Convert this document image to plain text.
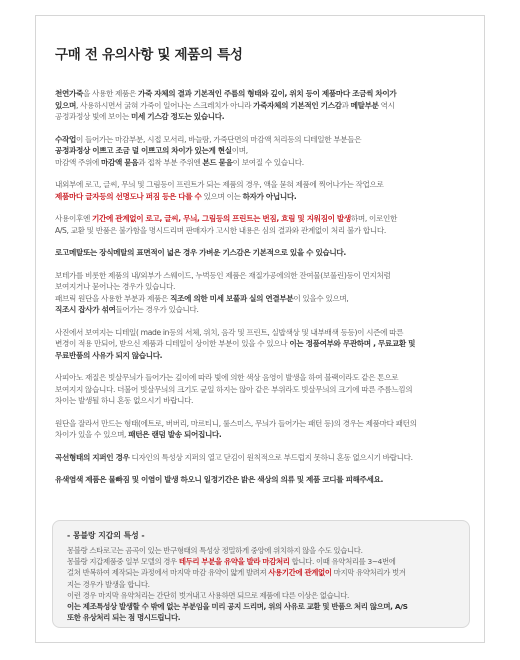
구매 전 유의사항 및 제품의 특성
천연가죽을 사용한 제품은 가죽 자체의 결과 기본적인 주름의 형태와 깊이, 위치 등이 제품마다 조금씩 차이가
있으며, 사용하시면서 굵혀 가죽이 일어나는 스크레치가 아니라 가죽자체의 기본적인 기스감과 메탈부분 역시
공정과정상 빛에 보이는 미세 기스감 정도는 있습니다.
수작업이 들어가는 마감부분, 시접 모서리, 바늘땀, 가죽단면의 마감액 처리등의 디테일한 부분들은
공정과정상 이쁘고 조금 덜 이쁘고의 차이가 있는게 현실이며,
마감액 주위에 마감액 묻음과 접착 부분 주위엔 본드 묻음이 보여질 수 있습니다.
내외부에 로고, 글씨, 무늬 및 그림등이 프린트가 되는 제품의 경우, 액을 묻혀 제품에 찍어나가는 작업으로
제품마다 글자등의 선명도나 퍼짐 등은 다를 수 있으며 이는 하자가 아닙니다.
사용이후엔 기간에 관계없이 로고, 글씨, 무늬, 그림등의 프린트는 번짐, 흐림 및 지워짐이 발생하며, 이로인한
A/S, 교환 및 반품은 불가함을 명시드리며 판매자가 고시한 내용은 심의 결과와 관계없이 처리 불가 합니다.
로고메탈또는 장식메탈의 표면적이 넓은 경우 가벼운 기스감은 기본적으로 있을 수 있습니다.
보테가를 비롯한 제품의 내/외부가 스웨이드, 누벅등인 제품은 재질가공에의한 잔여물(보풀린)등이 먼지처럼
보여지거나 묻어나는 경우가 있습니다.
패브릭 원단을 사용한 부분과 제품은 직조에 의한 미세 보풀과 실의 연결부분이 있을수 있으며,
직조시 잡사가 섞여들어가는 경우가 있습니다.
사진에서 보여지는 디테일( made in등의 서체, 위치, 음각 및 프린트, 실밥색상 및 내부배색 등등)이 시즌에 따른
변경이 적용 만되어, 받으신 제품과 디테일이 상이한 부분이 있을 수 있으나 이는 정품여부와 무관하며 , 무료교환 및
무료반품의 사유가 되지 않습니다.
사피아노 재질은 빗살무늬가 들어가는 깊이에 따라 빛에 의한 색상 음영이 발생을 하여 블랙이라도 같은 톤으로
보여지지 않습니다. 더불어 빗살무늬의 크기도 균일 하지는 않아 같은 부위라도 빗살무늬의 크기에 따른 주름느낌의
차이는 발생될 하니 혼동 없으시기 바랍니다.
원단을 잘라서 만드는 형태(에트로, 버버리, 마르티니, 룰스미스, 무늬가 들어가는 패턴 등)의 경우는 제품마다 패턴의
차이가 있을 수 있으며, 패턴은 랜덤 발송 되어집니다.
곡선형태의 지퍼인 경우 디자인의 특성상 지퍼의 열고 닫김이 원칙적으로 부드럽지 못하니 혼동 없으시기 바랍니다.
유색염색 제품은 물빠짐 및 이염이 발생 하오니 일정기간은 밝은 색상의 의류 및 제품 코디를 피해주세요.
- 몽블랑 지갑의 특성 -
몽블랑 스타로고는 곰곡이 있는 반구형태의 특성상 정밀하게 중앙에 위치하지 않을 수도 있습니다.
몽블랑 지갑제품중 일부 모델의 경우 테두리 부분을 유약을 발라 마감처리 합니다. 이때 유약처리를 3~4번에
걸쳐 반복하여 제작되는 과정에서 마지막 마감 유약이 얇게 발려져 사용기간에 관계없이 마지막 유약처리가 벗겨
지는 경우가 발생을 합니다.
이런 경우 마지막 유약처리는 간단히 벗겨내고 사용하면 되므로 제품에 다른 이상은 없습니다.
이는 제조특성상 발생할 수 밖에 없는 부분임을 미리 공지 드리며, 위의 사유로 교환 및 반품으 처리 않으며, A/S
또한 유상처리 되는 점 명시드립니다.
